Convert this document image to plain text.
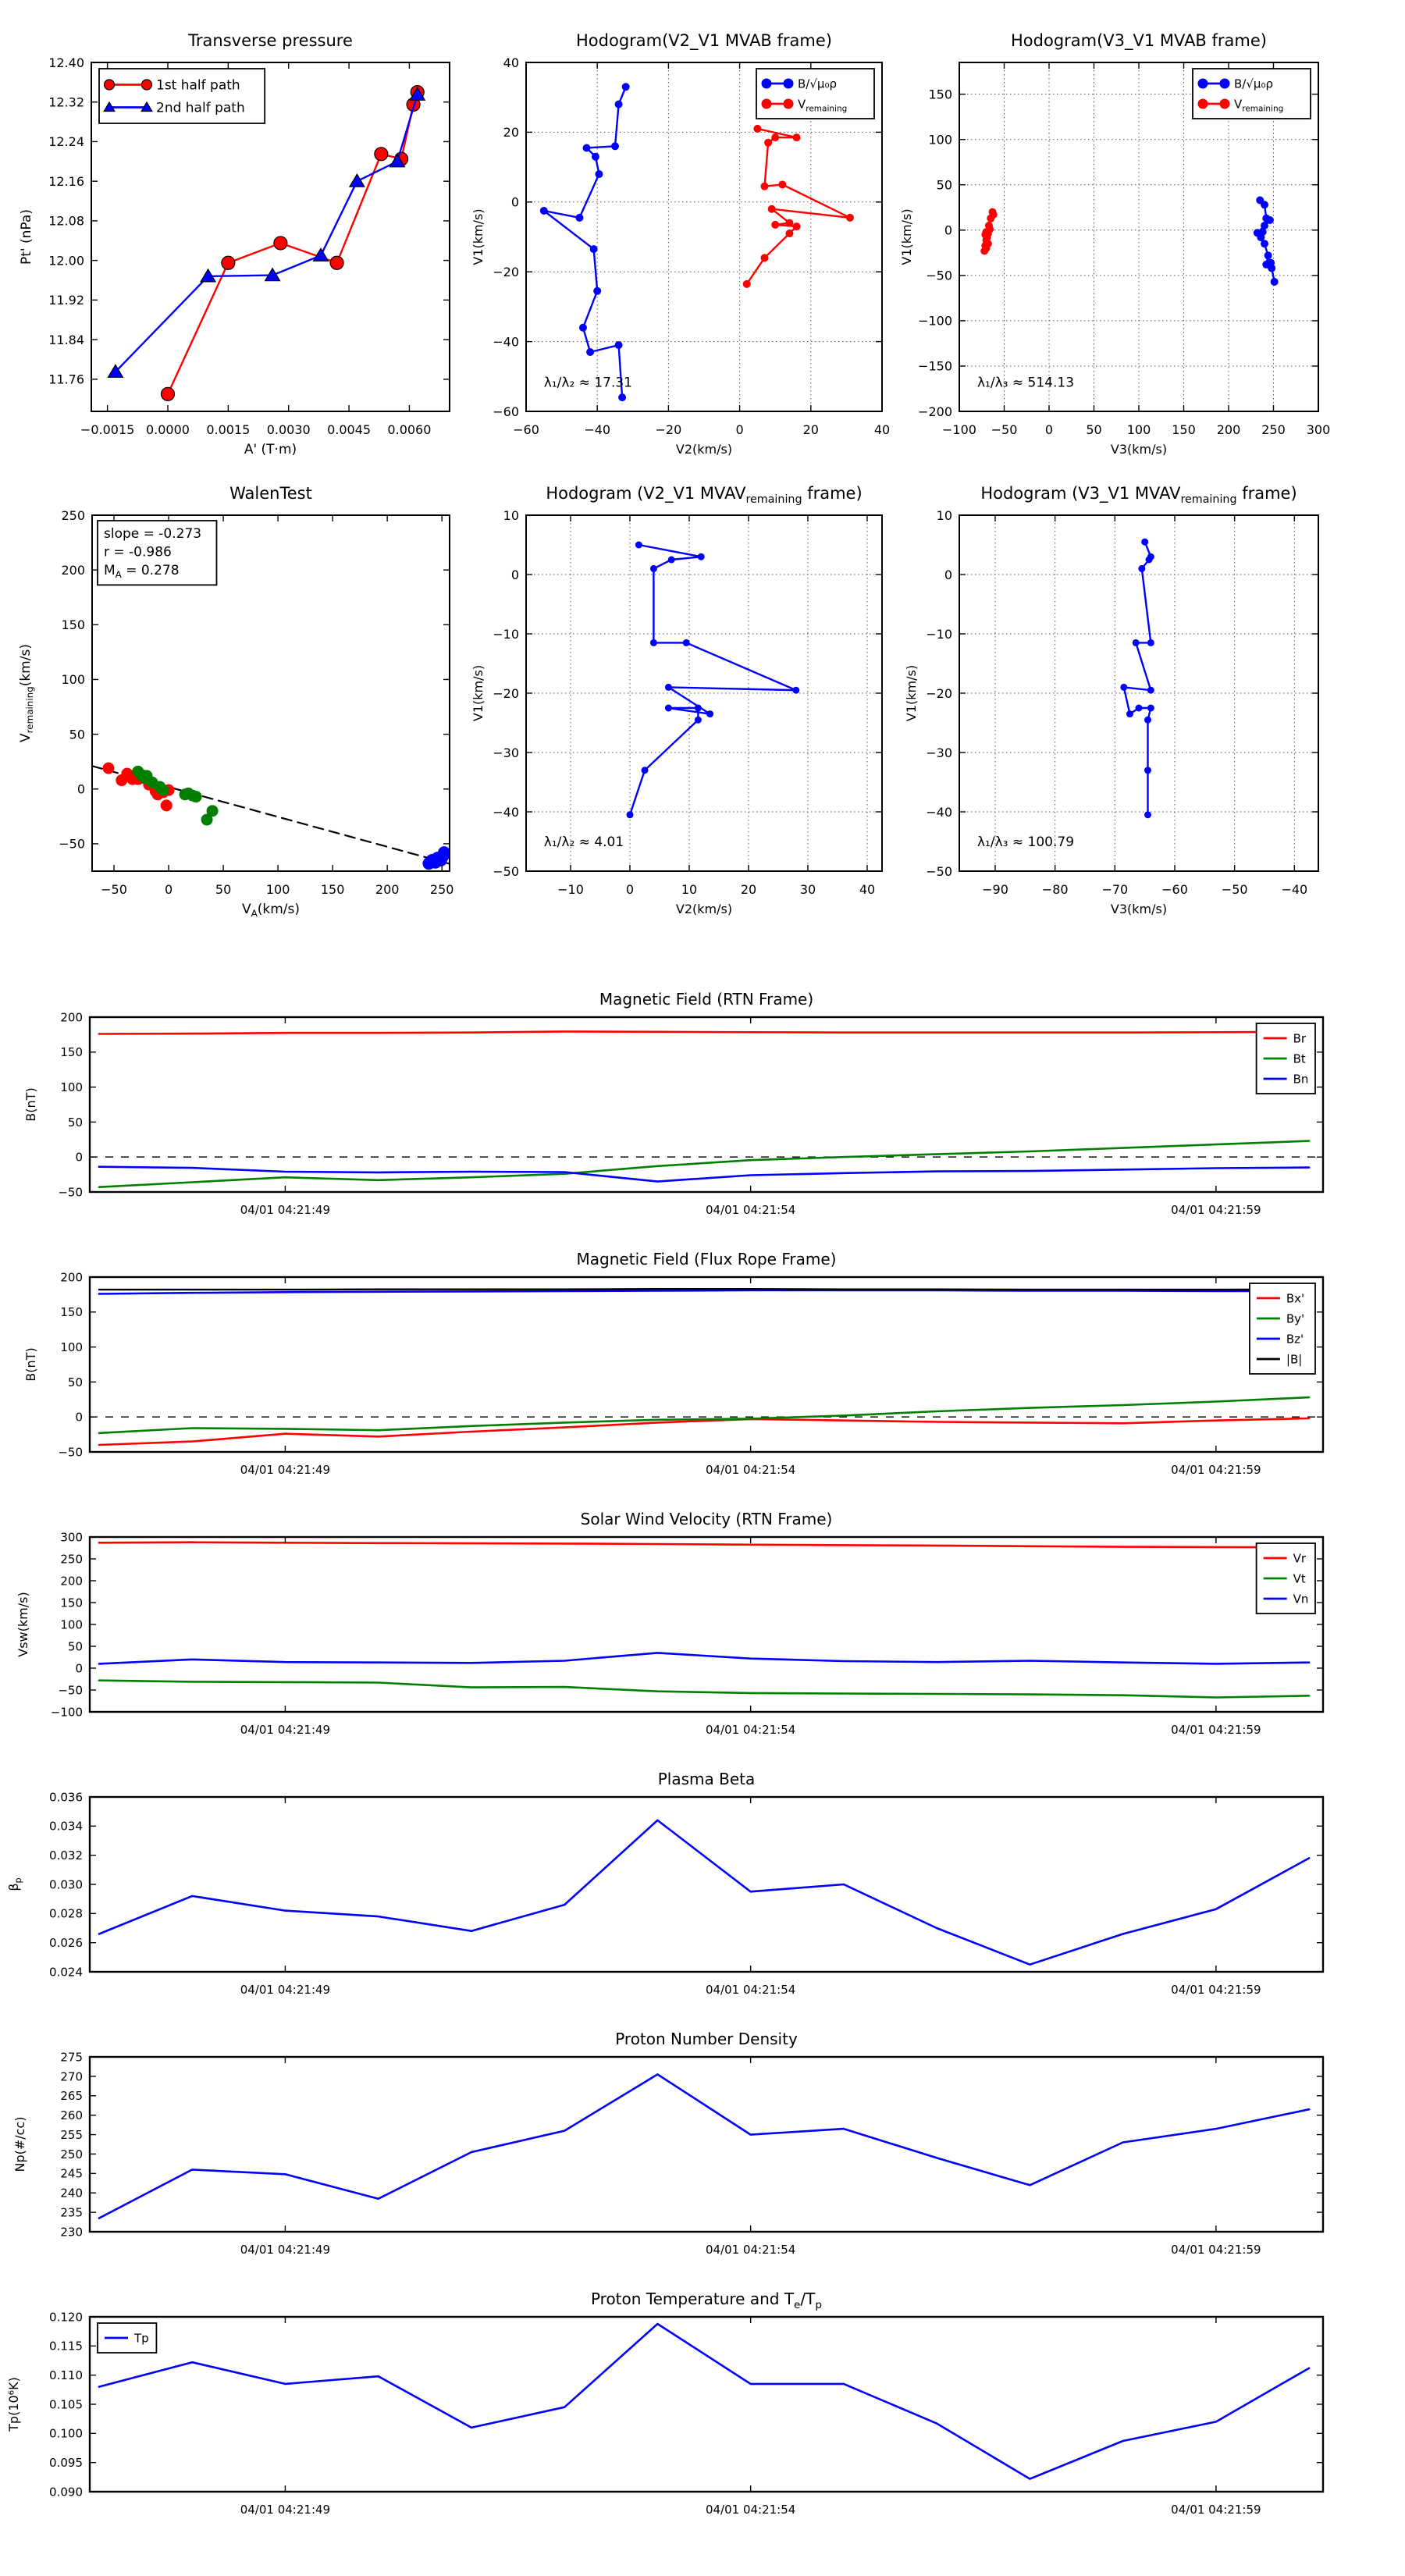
−0.0015 0.0000 0.0015 0.0030 0.0045 0.0060
11.76
11.84
11.92
12.00
12.08
12.16
12.24
12.32
12.40
A' (T·m)
Pt' (nPa)
1st half path
2nd half path
−60	−40	−20	0	20	40
−60
−40
−20
0
20
40
V2(km/s)
V1(km/s)
λ₁/λ₂ ≈ 17.31
B/√μ₀ρ
$V_{remaining}$
−100 −50 0	50 100 150 200 250 300
−200
−150
−100
−50
0
50
100
150
V3(km/s)
V1(km/s)
λ₁/λ₃ ≈ 514.13
B/√μ₀ρ
$V_{remaining}$
−50	0	50	100 150 200 250
−50
0
50
100
150
200
250
$V_A(km/s)$
$V_{remaining}(km/s)$
slope = -0.273
r = -0.986
$M_A = 0.278$
−10	0	10	20	30	40
−50
−40
−30
−20
−10
0
10
V2(km/s)
V1(km/s)
λ₁/λ₂ ≈ 4.01
−90	−80	−70	−60	−50	−40
−50
−40
−30
−20
−10
0
10
V3(km/s)
V1(km/s)
λ₁/λ₃ ≈ 100.79
04/01 04:21:49	04/01 04:21:54	04/01 04:21:59
−50
0
50
100
150
200
B(nT)
Br
Bt
Bn
04/01 04:21:49	04/01 04:21:54	04/01 04:21:59
−50
0
50
100
150
200
B(nT)
Bx'
By'
Bz'
|B|
04/01 04:21:49	04/01 04:21:54	04/01 04:21:59
−100
−50
0
50
100
150
200
250
300
Vsw(km/s)
Vr
Vt
Vn
04/01 04:21:49	04/01 04:21:54	04/01 04:21:59
0.024
0.026
0.028
0.030
0.032
0.034
0.036
$\beta_p$
04/01 04:21:49	04/01 04:21:54	04/01 04:21:59
230
235
240
245
250
255
260
265
270
275
Np(#/cc)
04/01 04:21:49	04/01 04:21:54	04/01 04:21:59
0.090
0.095
0.100
0.105
0.110
0.115
0.120
Tp(10⁶K)
Tp
Transverse pressure	Hodogram(V2_V1 MVAB frame)	Hodogram(V3_V1 MVAB frame)
WalenTest	Hodogram (V2_V1 $MVAV_{remaining}$ frame)	Hodogram (V3_V1 $MVAV_{remaining}$ frame)
Magnetic Field (RTN Frame)
Magnetic Field (Flux Rope Frame)
Solar Wind Velocity (RTN Frame)
Plasma Beta
Proton Number Density
Proton Temperature and $T_e/T_p$
